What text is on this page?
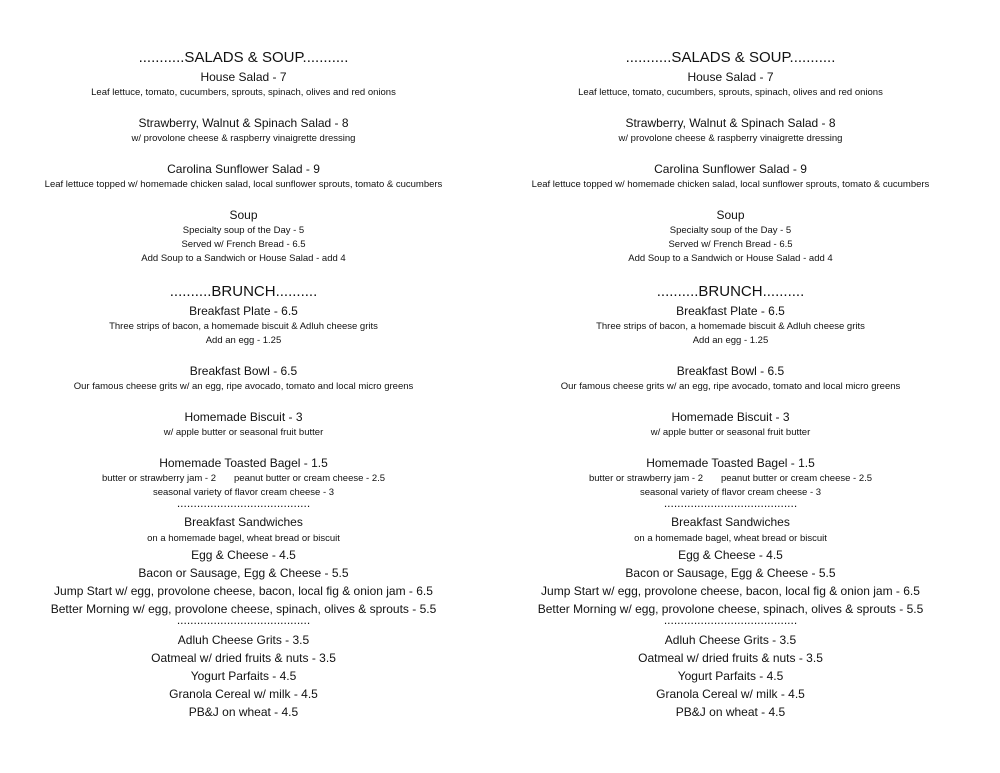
...........SALADS & SOUP...........
House Salad - 7
Leaf lettuce, tomato, cucumbers, sprouts, spinach, olives and red onions
Strawberry, Walnut & Spinach Salad - 8
w/ provolone cheese & raspberry vinaigrette dressing
Carolina Sunflower Salad - 9
Leaf lettuce topped w/ homemade chicken salad, local sunflower sprouts, tomato & cucumbers
Soup
Specialty soup of the Day - 5
Served w/ French Bread - 6.5
Add Soup to a Sandwich or House Salad - add 4
..........BRUNCH..........
Breakfast Plate - 6.5
Three strips of bacon, a homemade biscuit & Adluh cheese grits
Add an egg - 1.25
Breakfast Bowl - 6.5
Our famous cheese grits w/ an egg, ripe avocado, tomato and local micro greens
Homemade Biscuit - 3
w/ apple butter or seasonal fruit butter
Homemade Toasted Bagel - 1.5
butter or strawberry jam - 2 peanut butter or cream cheese - 2.5
seasonal variety of flavor cream cheese - 3
........................................
Breakfast Sandwiches
on a homemade bagel, wheat bread or biscuit
Egg & Cheese - 4.5
Bacon or Sausage, Egg & Cheese - 5.5
Jump Start w/ egg, provolone cheese, bacon, local fig & onion jam - 6.5
Better Morning w/ egg, provolone cheese, spinach, olives & sprouts - 5.5
........................................
Adluh Cheese Grits - 3.5
Oatmeal w/ dried fruits & nuts - 3.5
Yogurt Parfaits - 4.5
Granola Cereal w/ milk - 4.5
PB&J on wheat - 4.5
...........SALADS & SOUP...........
House Salad - 7
Leaf lettuce, tomato, cucumbers, sprouts, spinach, olives and red onions
Strawberry, Walnut & Spinach Salad - 8
w/ provolone cheese & raspberry vinaigrette dressing
Carolina Sunflower Salad - 9
Leaf lettuce topped w/ homemade chicken salad, local sunflower sprouts, tomato & cucumbers
Soup
Specialty soup of the Day - 5
Served w/ French Bread - 6.5
Add Soup to a Sandwich or House Salad - add 4
..........BRUNCH..........
Breakfast Plate - 6.5
Three strips of bacon, a homemade biscuit & Adluh cheese grits
Add an egg - 1.25
Breakfast Bowl - 6.5
Our famous cheese grits w/ an egg, ripe avocado, tomato and local micro greens
Homemade Biscuit - 3
w/ apple butter or seasonal fruit butter
Homemade Toasted Bagel - 1.5
butter or strawberry jam - 2 peanut butter or cream cheese - 2.5
seasonal variety of flavor cream cheese - 3
........................................
Breakfast Sandwiches
on a homemade bagel, wheat bread or biscuit
Egg & Cheese - 4.5
Bacon or Sausage, Egg & Cheese - 5.5
Jump Start w/ egg, provolone cheese, bacon, local fig & onion jam - 6.5
Better Morning w/ egg, provolone cheese, spinach, olives & sprouts - 5.5
........................................
Adluh Cheese Grits - 3.5
Oatmeal w/ dried fruits & nuts - 3.5
Yogurt Parfaits - 4.5
Granola Cereal w/ milk - 4.5
PB&J on wheat - 4.5
